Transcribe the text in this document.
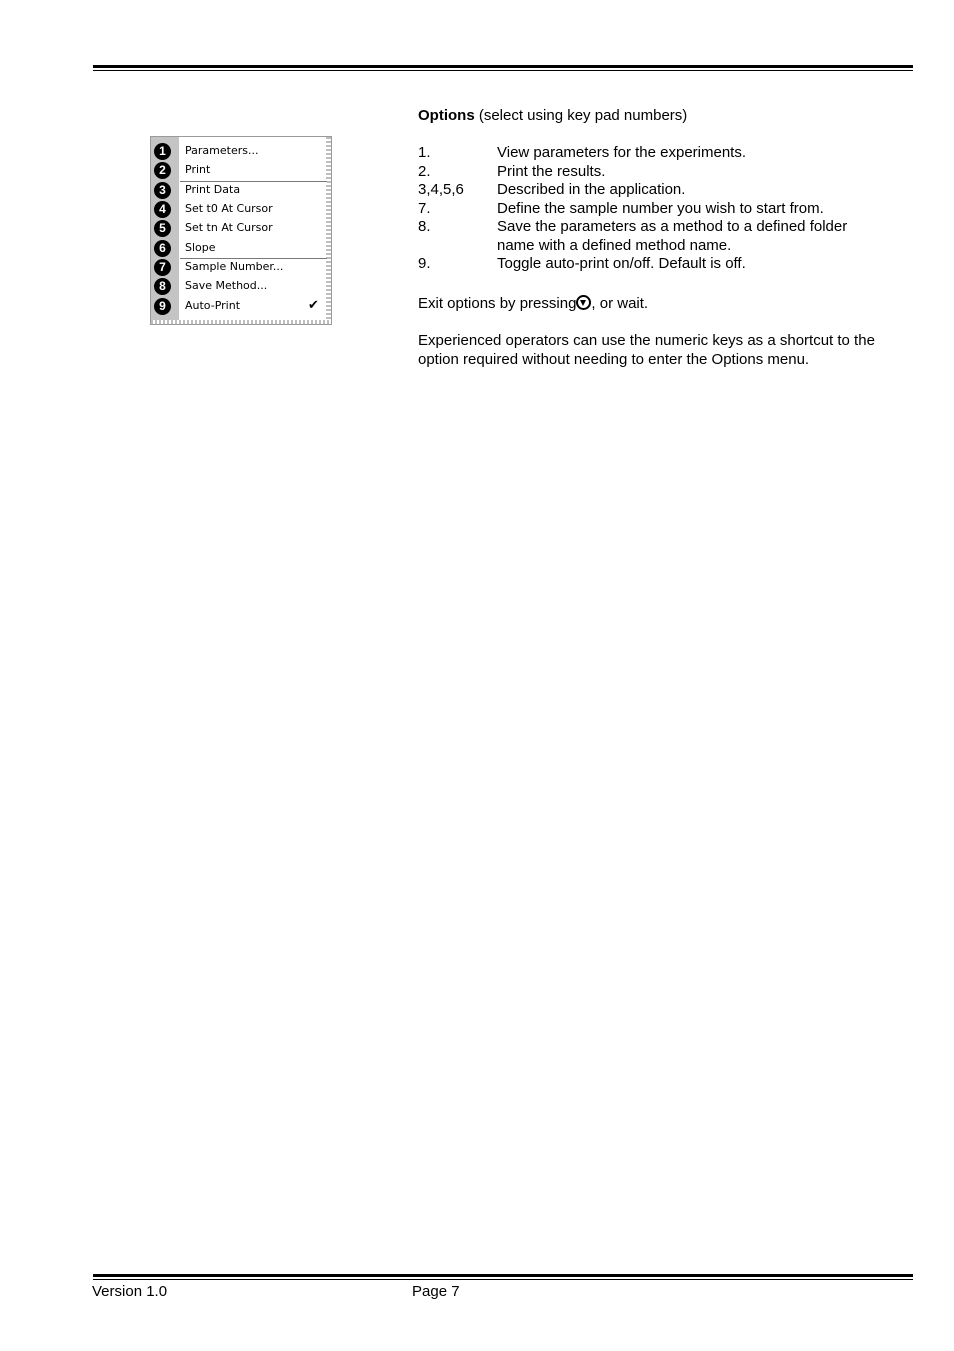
1	Parameters...
2	Print
3	Print Data
4	Set t0 At Cursor
5	Set tn At Cursor
6	Slope
7	Sample Number...
8	Save Method...
9	Auto-Print	✔
Options (select using key pad numbers)
1.	View parameters for the experiments.
2.	Print the results.
3,4,5,6	Described in the application.
7.	Define the sample number you wish to start from.
8.	Save the parameters as a method to a defined folder name with a defined method name.
9.	Toggle auto-print on/off. Default is off.
Exit options by pressing , or wait.
Experienced operators can use the numeric keys as a shortcut to the option required without needing to enter the Options menu.
Version 1.0	Page 7
